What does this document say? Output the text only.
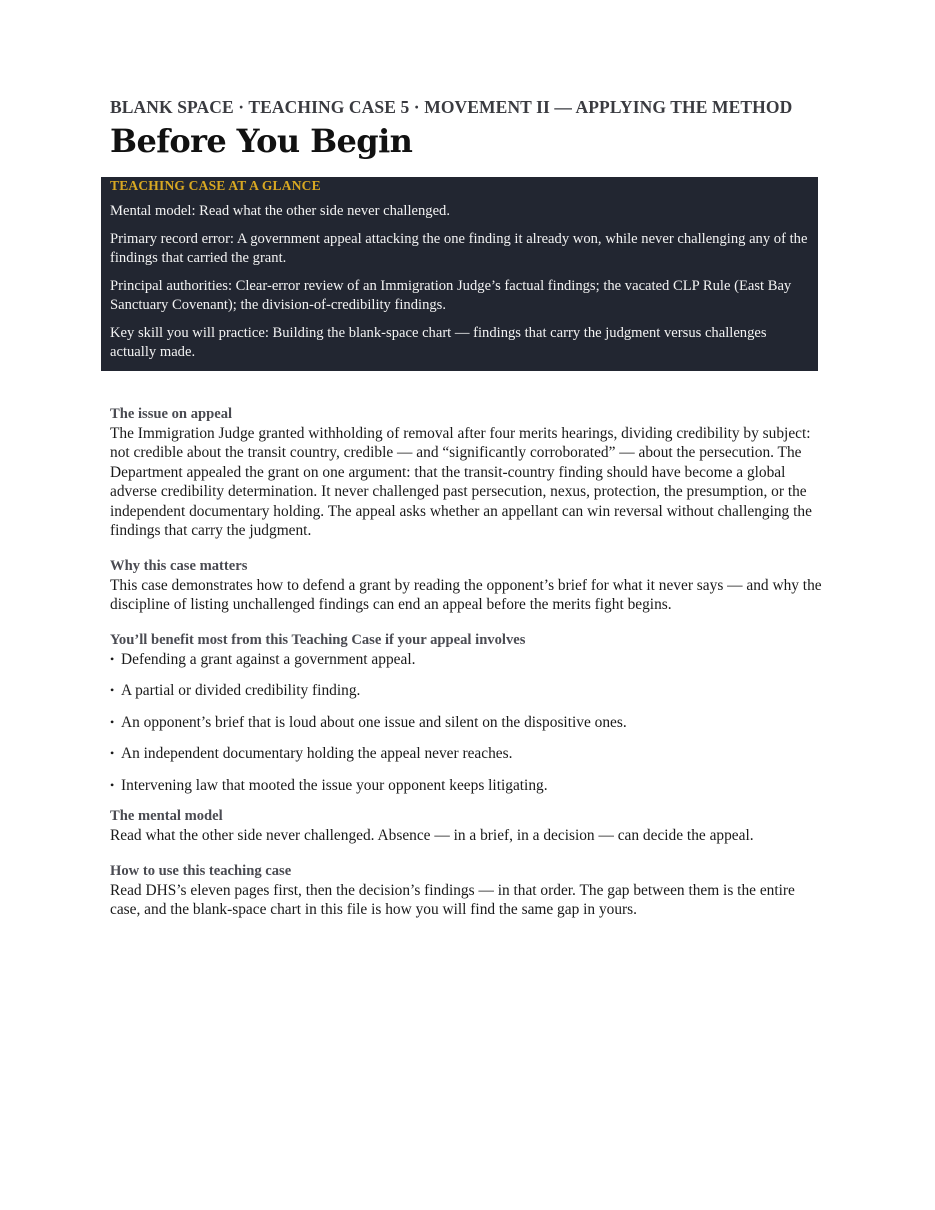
BLANK SPACE · TEACHING CASE 5 · MOVEMENT II — APPLYING THE METHOD
Before You Begin
TEACHING CASE AT A GLANCE

Mental model: Read what the other side never challenged.

Primary record error: A government appeal attacking the one finding it already won, while never challenging any of the findings that carried the grant.

Principal authorities: Clear-error review of an Immigration Judge’s factual findings; the vacated CLP Rule (East Bay Sanctuary Covenant); the division-of-credibility findings.

Key skill you will practice: Building the blank-space chart — findings that carry the judgment versus challenges actually made.

The issue on appeal

The Immigration Judge granted withholding of removal after four merits hearings, dividing credibility by subject: not credible about the transit country, credible — and “significantly corroborated” — about the persecution. The Department appealed the grant on one argument: that the transit-country finding should have become a global adverse credibility determination. It never challenged past persecution, nexus, protection, the presumption, or the independent documentary holding. The appeal asks whether an appellant can win reversal without challenging the findings that carry the judgment.

Why this case matters

This case demonstrates how to defend a grant by reading the opponent’s brief for what it never says — and why the discipline of listing unchallenged findings can end an appeal before the merits fight begins.

You’ll benefit most from this Teaching Case if your appeal involves
• Defending a grant against a government appeal.
• A partial or divided credibility finding.
• An opponent’s brief that is loud about one issue and silent on the dispositive ones.
• An independent documentary holding the appeal never reaches.
• Intervening law that mooted the issue your opponent keeps litigating.
The mental model

Read what the other side never challenged. Absence — in a brief, in a decision — can decide the appeal.

How to use this teaching case

Read DHS’s eleven pages first, then the decision’s findings — in that order. The gap between them is the entire case, and the blank-space chart in this file is how you will find the same gap in yours.
